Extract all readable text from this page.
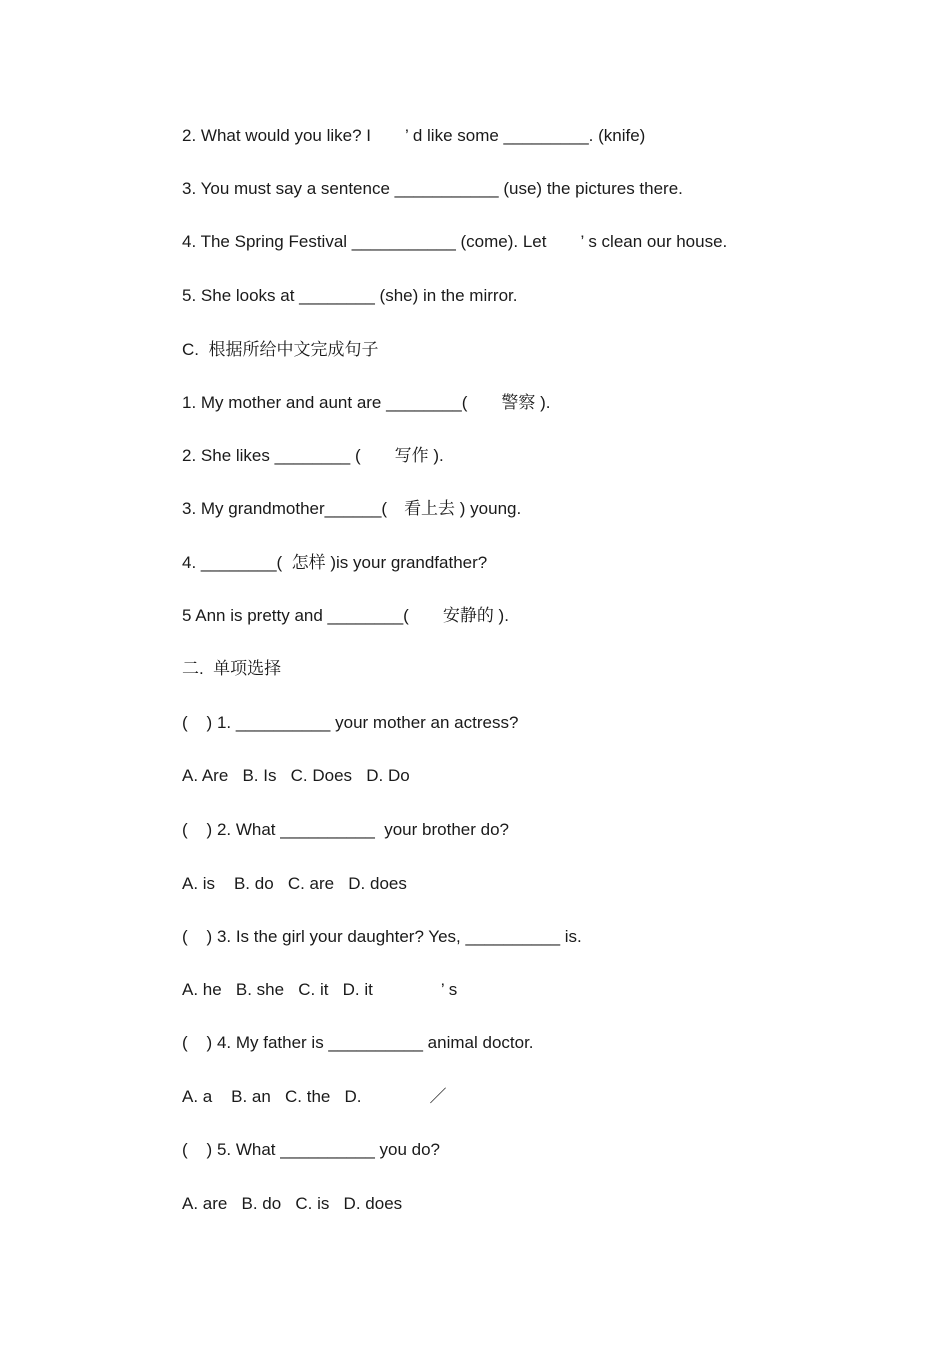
2. What would you like? I  ’ d like some _________. (knife)
3. You must say a sentence ___________ (use) the pictures there.
4. The Spring Festival ___________ (come). Let  ’ s clean our house.
5. She looks at ________ (she) in the mirror.
C.  根据所给中文完成句子
1. My mother and aunt are ________(  警察 ).
2. She likes ________ (  写作 ).
3. My grandmother______( 看上去 ) young.
4. ________(  怎样 )is your grandfather?
5 Ann is pretty and ________(  安静的 ).
二.  单项选择
(    ) 1. __________ your mother an actress?
A. Are   B. Is   C. Does   D. Do
(    ) 2. What __________  your brother do?
A. is    B. do   C. are   D. does
(    ) 3. Is the girl your daughter? Yes, __________ is.
A. he   B. she   C. it   D. it    ’ s
(    ) 4. My father is __________ animal doctor.
A. a    B. an   C. the   D.    ／
(    ) 5. What __________ you do?
A. are   B. do   C. is   D. does
